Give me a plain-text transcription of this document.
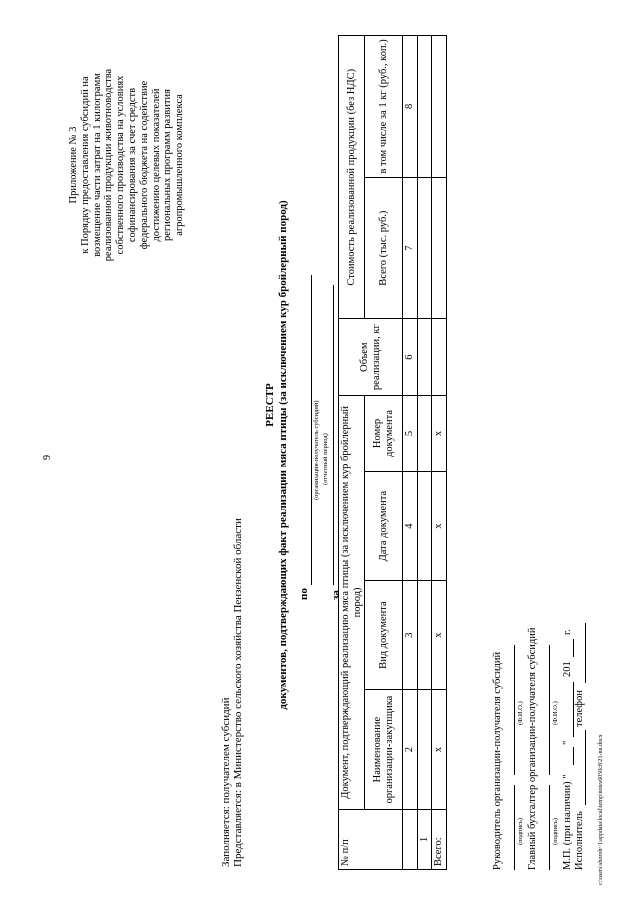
9
Приложение № 3 к Порядку предоставления субсидий на возмещение части затрат на 1 килограмм реализованной продукции животноводства собственного производства на условиях софинансирования за счет средств федерального бюджета на содействие достижению целевых показателей региональных программ развития агропромышленного комплекса
Заполняется: получателем субсидий Представляется: в Министерство сельского хозяйства Пензенской области
РЕЕСТР документов, подтверждающих факт реализации мяса птицы (за исключением кур бройлерный пород) по
(организация-получатель субсидий)
за
(отчетный период)
№ п/п	Документ, подтверждающий реализацию мяса птицы (за исключением кур бройлерный пород)				Объем реализации, кг	Стоимость реализованной продукции (без НДС)	
	Наименование организации-закупщика	Вид документа	Дата документа	Номер документа		Всего (тыс. руб.)	в том числе за 1 кг (руб., коп.)
	2	3	4	5	6	7	8
1							
Всего:	х	х	х	х			
Руководитель организации-получателя субсидий (подпись)
(Ф.И.О.) Главный бухгалтер организации-получателя субсидий (подпись)
(Ф.И.О.)
М.П. (при наличии) "
"
201
г.
Исполнитель
телефон
c:\users\sboroh~1\appdata\local\temp\notes6050c8\21-nu.docx
